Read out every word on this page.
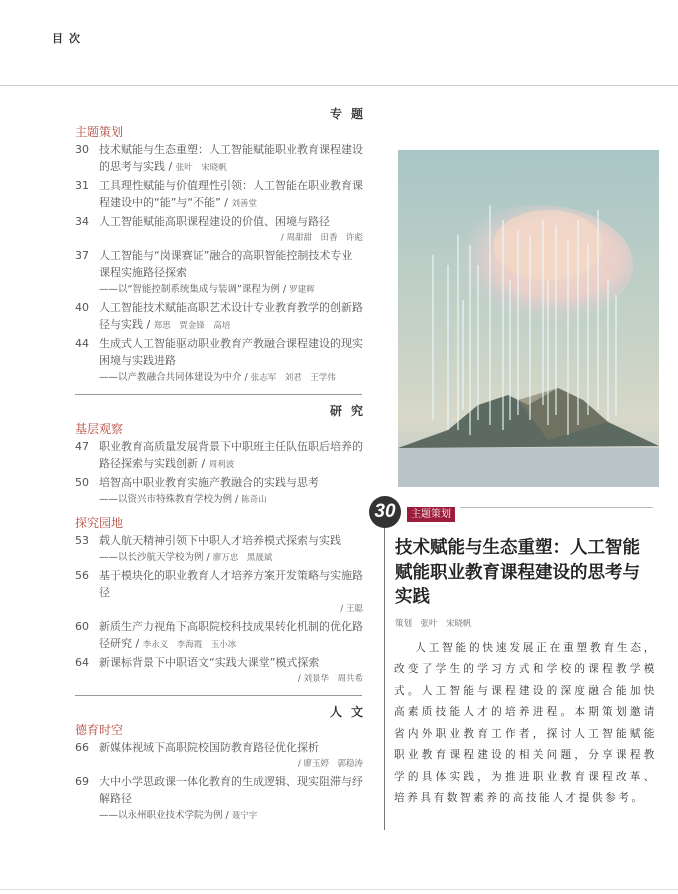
目次
专题
主题策划
30 技术赋能与生态重塑：人工智能赋能职业教育课程建设的思考与实践 / 张叶　宋晓帆
31 工具理性赋能与价值理性引领：人工智能在职业教育课程建设中的“能”与“不能” / 刘善堂
34 人工智能赋能高职课程建设的价值、困境与路径
/ 周甜甜　田香　许彪
37 人工智能与“岗课赛证”融合的高职智能控制技术专业课程实施路径探索
——以“智能控制系统集成与装调”课程为例 / 罗建辉
40 人工智能技术赋能高职艺术设计专业教育教学的创新路径与实践 / 郑思　贾金锋　高培
44 生成式人工智能驱动职业教育产教融合课程建设的现实困境与实践进路
——以产教融合共同体建设为中介 / 张志军　刘君　王学伟
研究
基层观察
47 职业教育高质量发展背景下中职班主任队伍职后培养的路径探索与实践创新 / 周利波
50 培智高中职业教育实施产教融合的实践与思考
——以资兴市特殊教育学校为例 / 陈奇山
探究园地
53 载人航天精神引领下中职人才培养模式探索与实践
——以长沙航天学校为例 / 廖万忠　黑晟斌
56 基于模块化的职业教育人才培养方案开发策略与实施路径
/ 王聪
60 新质生产力视角下高职院校科技成果转化机制的优化路径研究 / 李永义　李海霞　玉小冰
64 新课标背景下中职语文“实践大课堂”模式探索
/ 刘景华　周共希
人文
德育时空
66 新媒体视域下高职院校国防教育路径优化探析
/ 廖玉婷　郭稳涛
69 大中小学思政课一体化教育的生成逻辑、现实阻滞与纾解路径
——以永州职业技术学院为例 / 聂宁宇
30	主题策划
技术赋能与生态重塑：人工智能赋能职业教育课程建设的思考与实践
策划　张叶　宋晓帆
人工智能的快速发展正在重塑教育生态，改变了学生的学习方式和学校的课程教学模式。人工智能与课程建设的深度融合能加快高素质技能人才的培养进程。本期策划邀请省内外职业教育工作者，探讨人工智能赋能职业教育课程建设的相关问题，分享课程教学的具体实践，为推进职业教育课程改革、培养具有数智素养的高技能人才提供参考。
